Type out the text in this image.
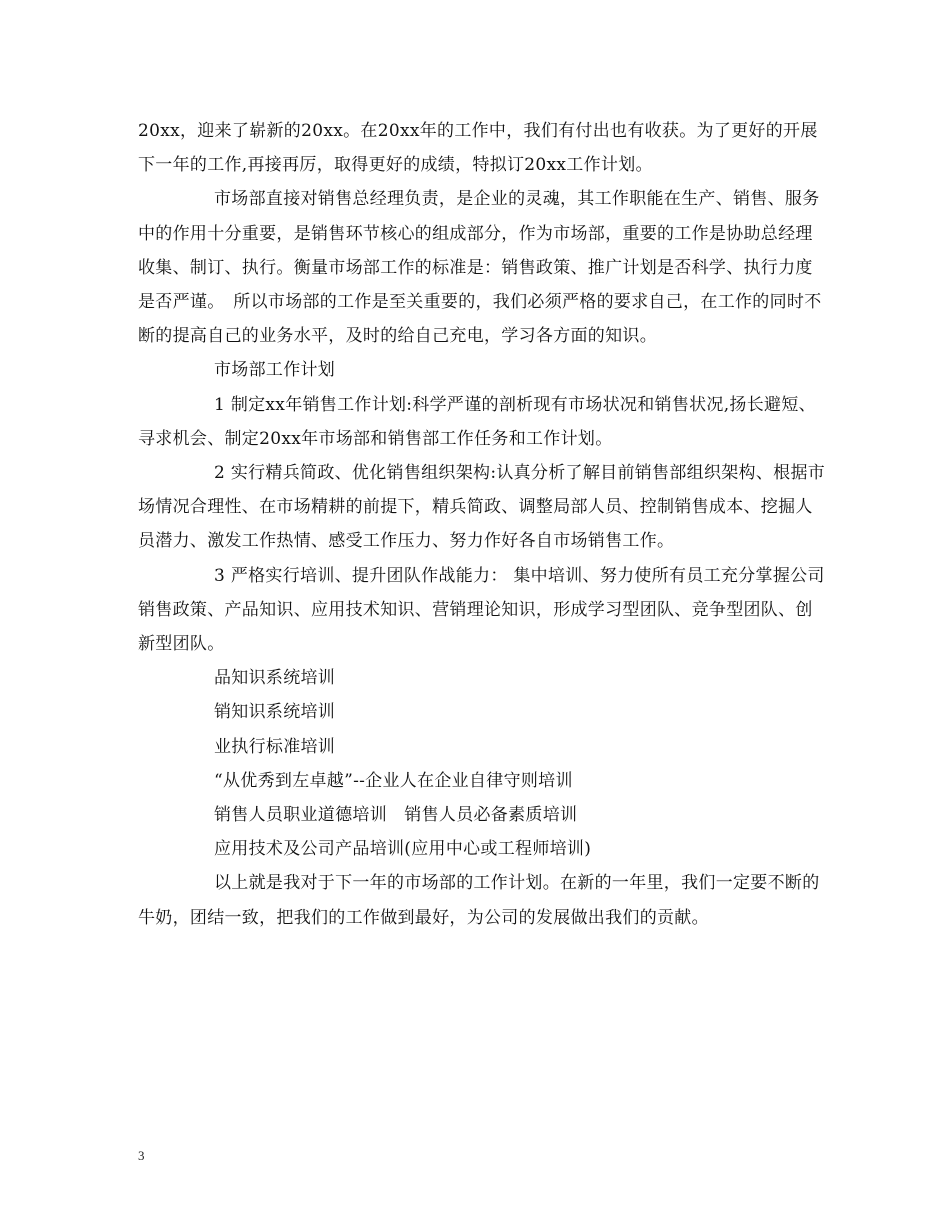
20xx，迎来了崭新的20xx。在20xx年的工作中，我们有付出也有收获。为了更好的开展下一年的工作,再接再厉，取得更好的成绩，特拟订20xx工作计划。

市场部直接对销售总经理负责，是企业的灵魂，其工作职能在生产、销售、服务中的作用十分重要，是销售环节核心的组成部分，作为市场部，重要的工作是协助总经理收集、制订、执行。衡量市场部工作的标准是：销售政策、推广计划是否科学、执行力度是否严谨。　所以市场部的工作是至关重要的，我们必须严格的要求自己，在工作的同时不断的提高自己的业务水平，及时的给自己充电，学习各方面的知识。

市场部工作计划

1 制定xx年销售工作计划:科学严谨的剖析现有市场状况和销售状况,扬长避短、寻求机会、制定20xx年市场部和销售部工作任务和工作计划。

2 实行精兵简政、优化销售组织架构:认真分析了解目前销售部组织架构、根据市场情况合理性、在市场精耕的前提下，精兵简政、调整局部人员、控制销售成本、挖掘人员潜力、激发工作热情、感受工作压力、努力作好各自市场销售工作。

3 严格实行培训、提升团队作战能力： 集中培训、努力使所有员工充分掌握公司销售政策、产品知识、应用技术知识、营销理论知识，形成学习型团队、竞争型团队、创新型团队。

品知识系统培训

销知识系统培训

业执行标准培训

“从优秀到左卓越”--企业人在企业自律守则培训

销售人员职业道德培训　销售人员必备素质培训

应用技术及公司产品培训(应用中心或工程师培训)

以上就是我对于下一年的市场部的工作计划。在新的一年里，我们一定要不断的牛奶，团结一致，把我们的工作做到最好，为公司的发展做出我们的贡献。

3
